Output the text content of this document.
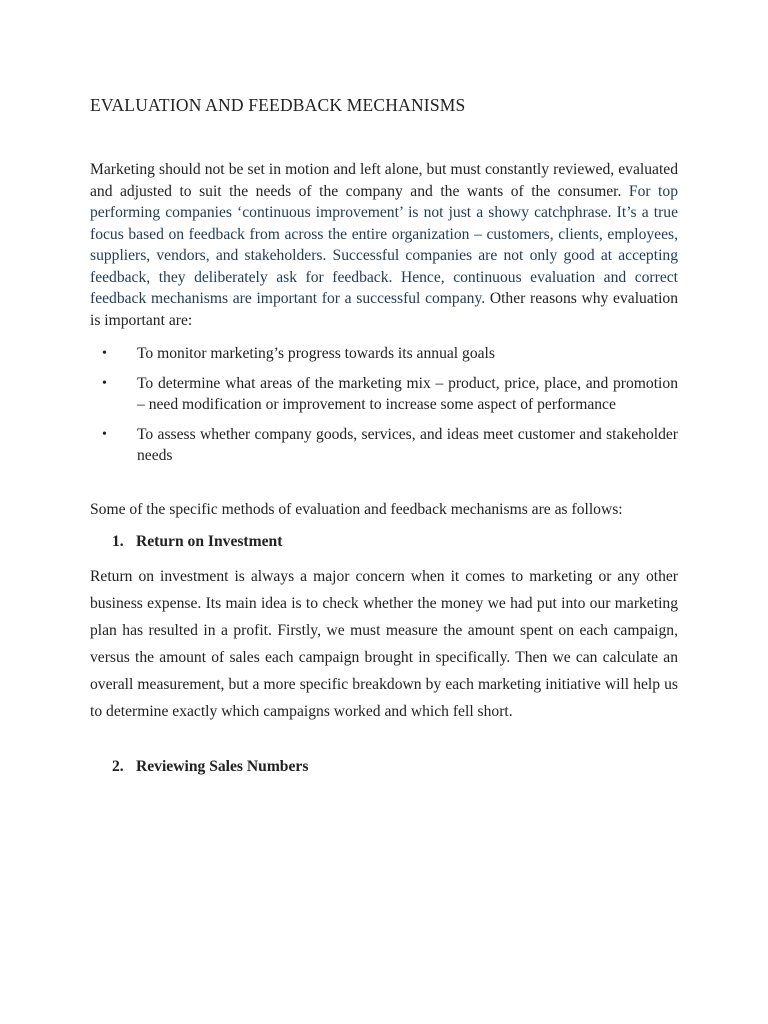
EVALUATION AND FEEDBACK MECHANISMS

Marketing should not be set in motion and left alone, but must constantly reviewed, evaluated and adjusted to suit the needs of the company and the wants of the consumer. For top performing companies ‘continuous improvement’ is not just a showy catchphrase. It’s a true focus based on feedback from across the entire organization – customers, clients, employees, suppliers, vendors, and stakeholders. Successful companies are not only good at accepting feedback, they deliberately ask for feedback. Hence, continuous evaluation and correct feedback mechanisms are important for a successful company. Other reasons why evaluation is important are:

• To monitor marketing’s progress towards its annual goals
• To determine what areas of the marketing mix – product, price, place, and promotion – need modification or improvement to increase some aspect of performance
• To assess whether company goods, services, and ideas meet customer and stakeholder needs

Some of the specific methods of evaluation and feedback mechanisms are as follows:

1. Return on Investment

Return on investment is always a major concern when it comes to marketing or any other business expense. Its main idea is to check whether the money we had put into our marketing plan has resulted in a profit. Firstly, we must measure the amount spent on each campaign, versus the amount of sales each campaign brought in specifically. Then we can calculate an overall measurement, but a more specific breakdown by each marketing initiative will help us to determine exactly which campaigns worked and which fell short.

2. Reviewing Sales Numbers
